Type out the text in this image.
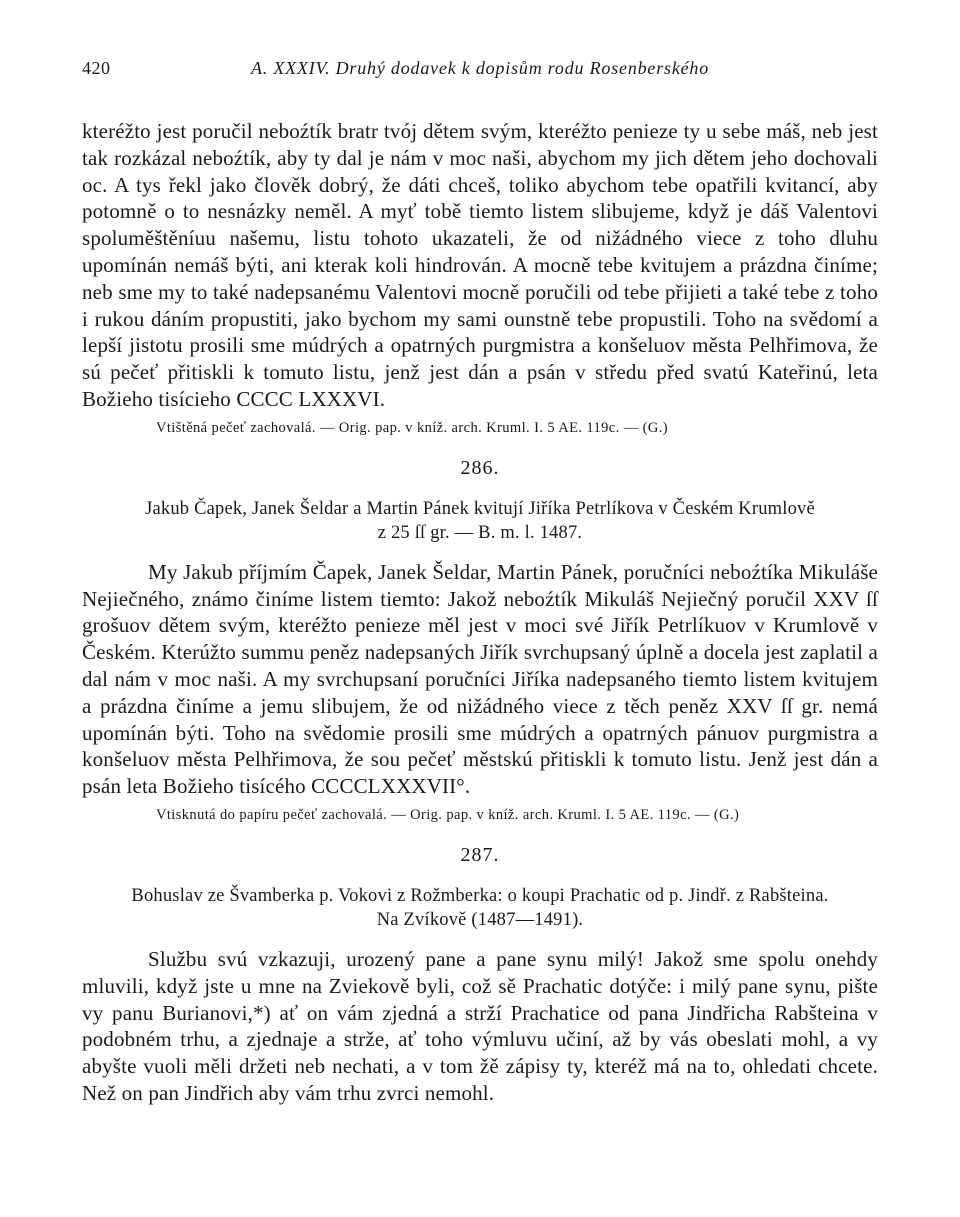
420	A. XXXIV. Druhý dodavek k dopisům rodu Rosenberského

kteréžto jest poručil neboźtík bratr tvój dětem svým, kteréžto penieze ty u sebe máš, neb jest tak rozkázal neboźtík, aby ty dal je nám v moc naši, abychom my jich dětem jeho dochovali oc. A tys řekl jako člověk dobrý, že dáti chceš, toliko abychom tebe opatřili kvitancí, aby potomně o to nesnázky neměl. A myť tobě tiemto listem slibujeme, když je dáš Valentovi spoluměštěníuu našemu, listu tohoto ukazateli, že od nižádného viece z toho dluhu upomínán nemáš býti, ani kterak koli hindrován. A mocně tebe kvitujem a prázdna činíme; neb sme my to také nadepsanému Valentovi mocně poručili od tebe přijieti a také tebe z toho i rukou dáním propustiti, jako bychom my sami ounstně tebe propustili. Toho na svědomí a lepší jistotu prosili sme múdrých a opatrných purgmistra a konšeluov města Pelhřimova, že sú pečeť přitiskli k tomuto listu, jenž jest dán a psán v středu před svatú Kateřinú, leta Božieho tisícieho CCCC LXXXVI.

Vtištěná pečeť zachovalá. — Orig. pap. v kníž. arch. Kruml. I. 5 AE. 119c. — (G.)
286.
Jakub Čapek, Janek Šeldar a Martin Pánek kvitují Jiříka Petrlíkova v Českém Krumlově
z 25 ſſ gr. — B. m. l. 1487.

My Jakub příjmím Čapek, Janek Šeldar, Martin Pánek, poručníci neboźtíka Mikuláše Nejiečného, známo činíme listem tiemto: Jakož neboźtík Mikuláš Nejiečný poručil XXV ſſ grošuov dětem svým, kteréžto penieze měl jest v moci své Jiřík Petrlíkuov v Krumlově v Českém. Kterúžto summu peněz nadepsaných Jiřík svrchupsaný úplně a docela jest zaplatil a dal nám v moc naši. A my svrchupsaní poručníci Jiříka nadepsaného tiemto listem kvitujem a prázdna činíme a jemu slibujem, že od nižádného viece z těch peněz XXV ſſ gr. nemá upomínán býti. Toho na svědomie prosili sme múdrých a opatrných pánuov purgmistra a konšeluov města Pelhřimova, že sou pečeť městskú přitiskli k tomuto listu. Jenž jest dán a psán leta Božieho tisícého CCCCLXXXVII°.

Vtisknutá do papíru pečeť zachovalá. — Orig. pap. v kníž. arch. Kruml. I. 5 AE. 119c. — (G.)
287.
Bohuslav ze Švamberka p. Vokovi z Rožmberka: o koupi Prachatic od p. Jindř. z Rabšteina.
Na Zvíkově (1487—1491).

Službu svú vzkazuji, urozený pane a pane synu milý! Jakož sme spolu onehdy mluvili, když jste u mne na Zviekově byli, což sě Prachatic dotýče: i milý pane synu, pište vy panu Burianovi,*) ať on vám zjedná a strží Prachatice od pana Jindřicha Rabšteina v podobném trhu, a zjednaje a strže, ať toho výmluvu učiní, až by vás obeslati mohl, a vy abyšte vuoli měli držeti neb nechati, a v tom žě zápisy ty, kteréž má na to, ohledati chcete. Než on pan Jindřich aby vám trhu zvrci nemohl.
